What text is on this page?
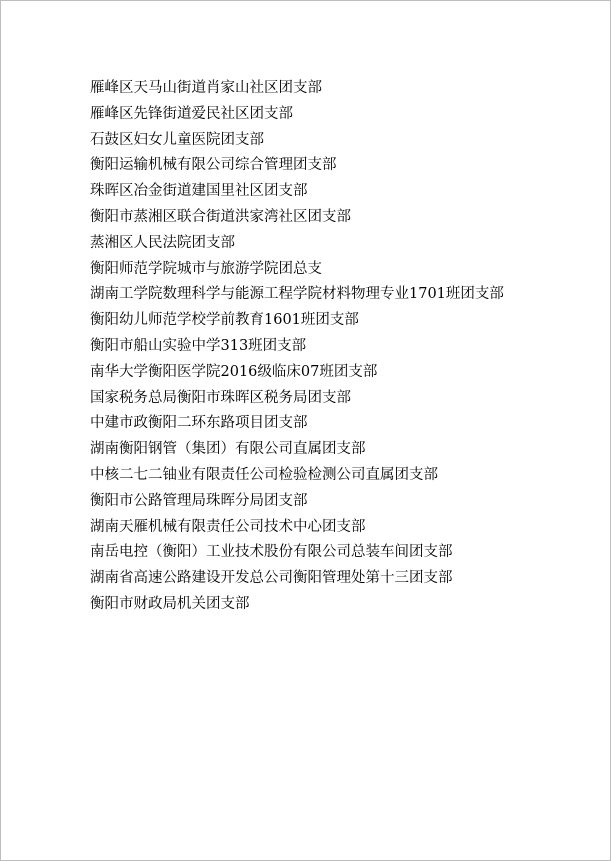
雁峰区天马山街道肖家山社区团支部
雁峰区先锋街道爱民社区团支部
石鼓区妇女儿童医院团支部
衡阳运输机械有限公司综合管理团支部
珠晖区冶金街道建国里社区团支部
衡阳市蒸湘区联合街道洪家湾社区团支部
蒸湘区人民法院团支部
衡阳师范学院城市与旅游学院团总支
湖南工学院数理科学与能源工程学院材料物理专业1701班团支部
衡阳幼儿师范学校学前教育1601班团支部
衡阳市船山实验中学313班团支部
南华大学衡阳医学院2016级临床07班团支部
国家税务总局衡阳市珠晖区税务局团支部
中建市政衡阳二环东路项目团支部
湖南衡阳钢管（集团）有限公司直属团支部
中核二七二铀业有限责任公司检验检测公司直属团支部
衡阳市公路管理局珠晖分局团支部
湖南天雁机械有限责任公司技术中心团支部
南岳电控（衡阳）工业技术股份有限公司总装车间团支部
湖南省高速公路建设开发总公司衡阳管理处第十三团支部
衡阳市财政局机关团支部
